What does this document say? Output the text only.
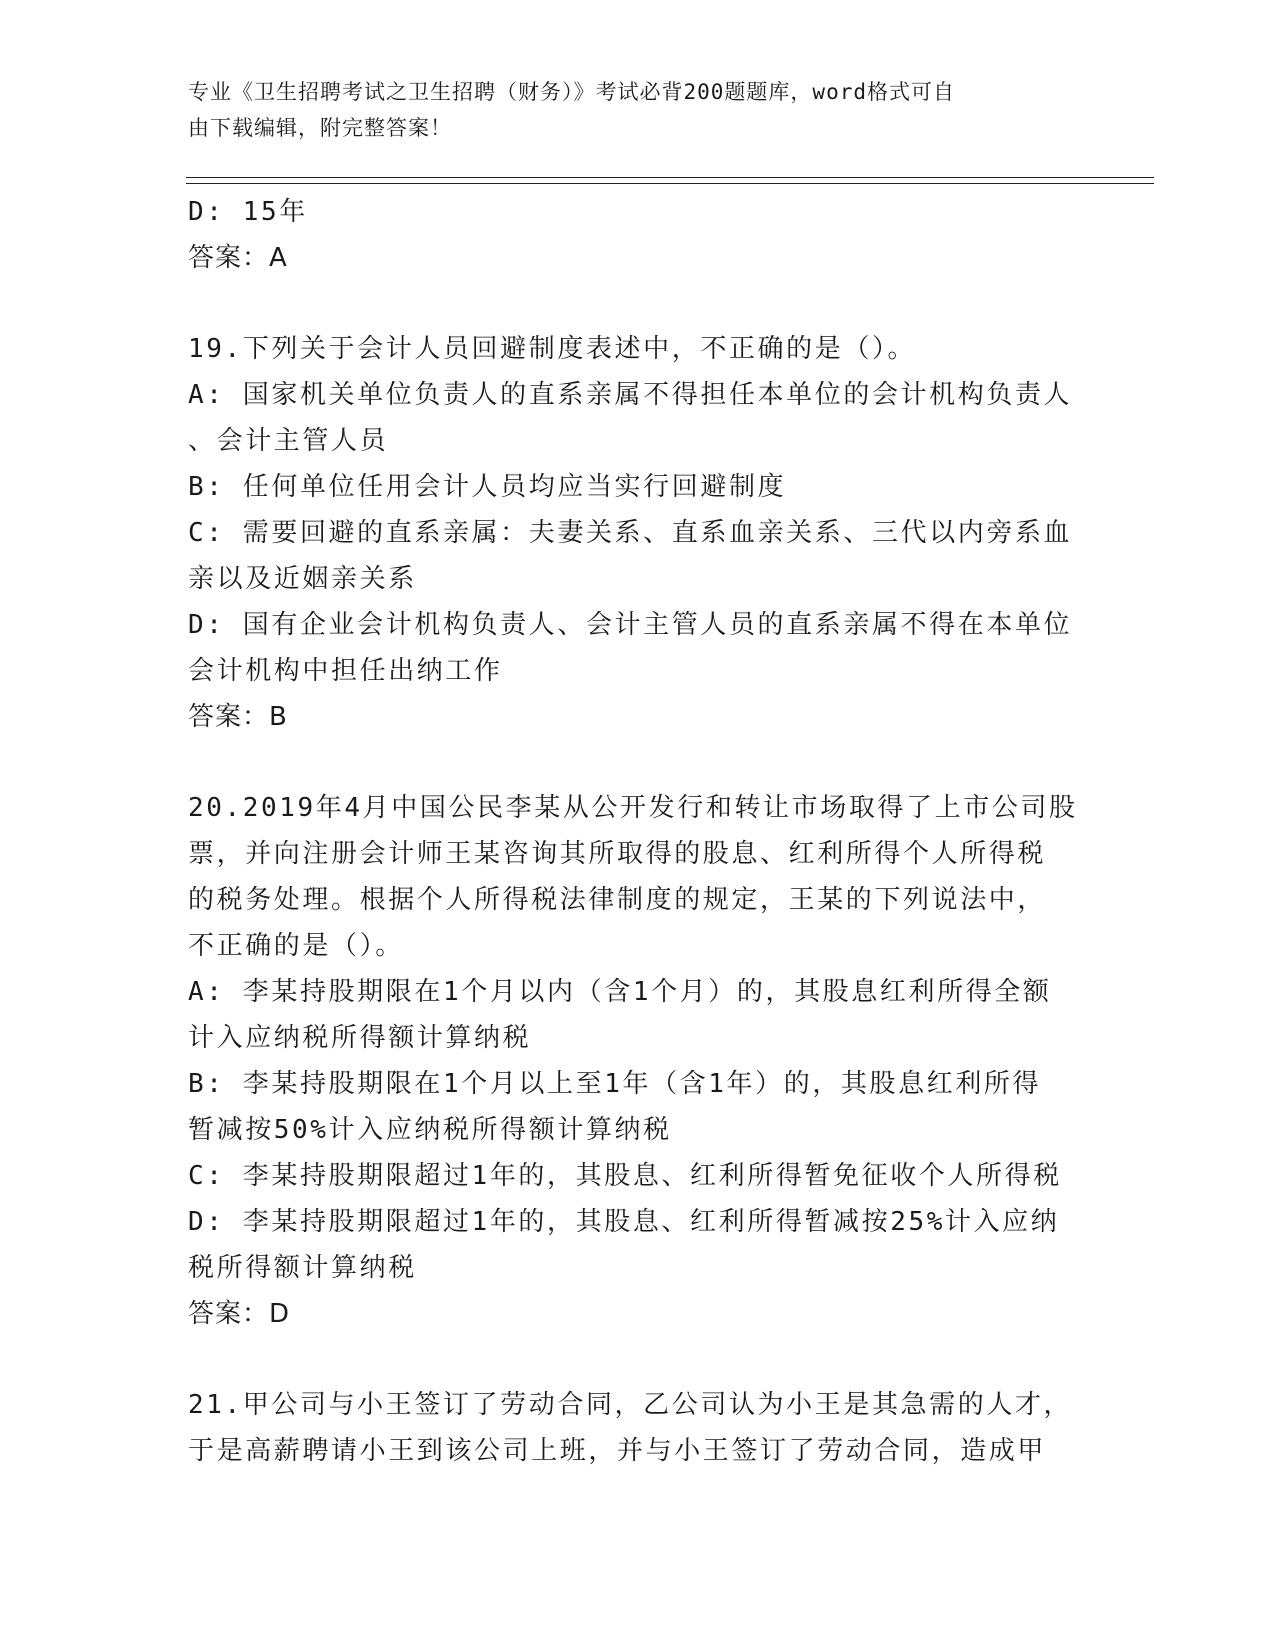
专业《卫生招聘考试之卫生招聘（财务）》考试必背200题题库，word格式可自
由下载编辑，附完整答案！
D: 15年
答案：A
19.下列关于会计人员回避制度表述中，不正确的是（）。
A: 国家机关单位负责人的直系亲属不得担任本单位的会计机构负责人
、会计主管人员
B: 任何单位任用会计人员均应当实行回避制度
C: 需要回避的直系亲属：夫妻关系、直系血亲关系、三代以内旁系血
亲以及近姻亲关系
D: 国有企业会计机构负责人、会计主管人员的直系亲属不得在本单位
会计机构中担任出纳工作
答案：B
20.2019年4月中国公民李某从公开发行和转让市场取得了上市公司股
票，并向注册会计师王某咨询其所取得的股息、红利所得个人所得税
的税务处理。根据个人所得税法律制度的规定，王某的下列说法中，
不正确的是（）。
A: 李某持股期限在1个月以内（含1个月）的，其股息红利所得全额
计入应纳税所得额计算纳税
B: 李某持股期限在1个月以上至1年（含1年）的，其股息红利所得
暂减按50%计入应纳税所得额计算纳税
C: 李某持股期限超过1年的，其股息、红利所得暂免征收个人所得税
D: 李某持股期限超过1年的，其股息、红利所得暂减按25%计入应纳
税所得额计算纳税
答案：D
21.甲公司与小王签订了劳动合同，乙公司认为小王是其急需的人才，
于是高薪聘请小王到该公司上班，并与小王签订了劳动合同，造成甲
